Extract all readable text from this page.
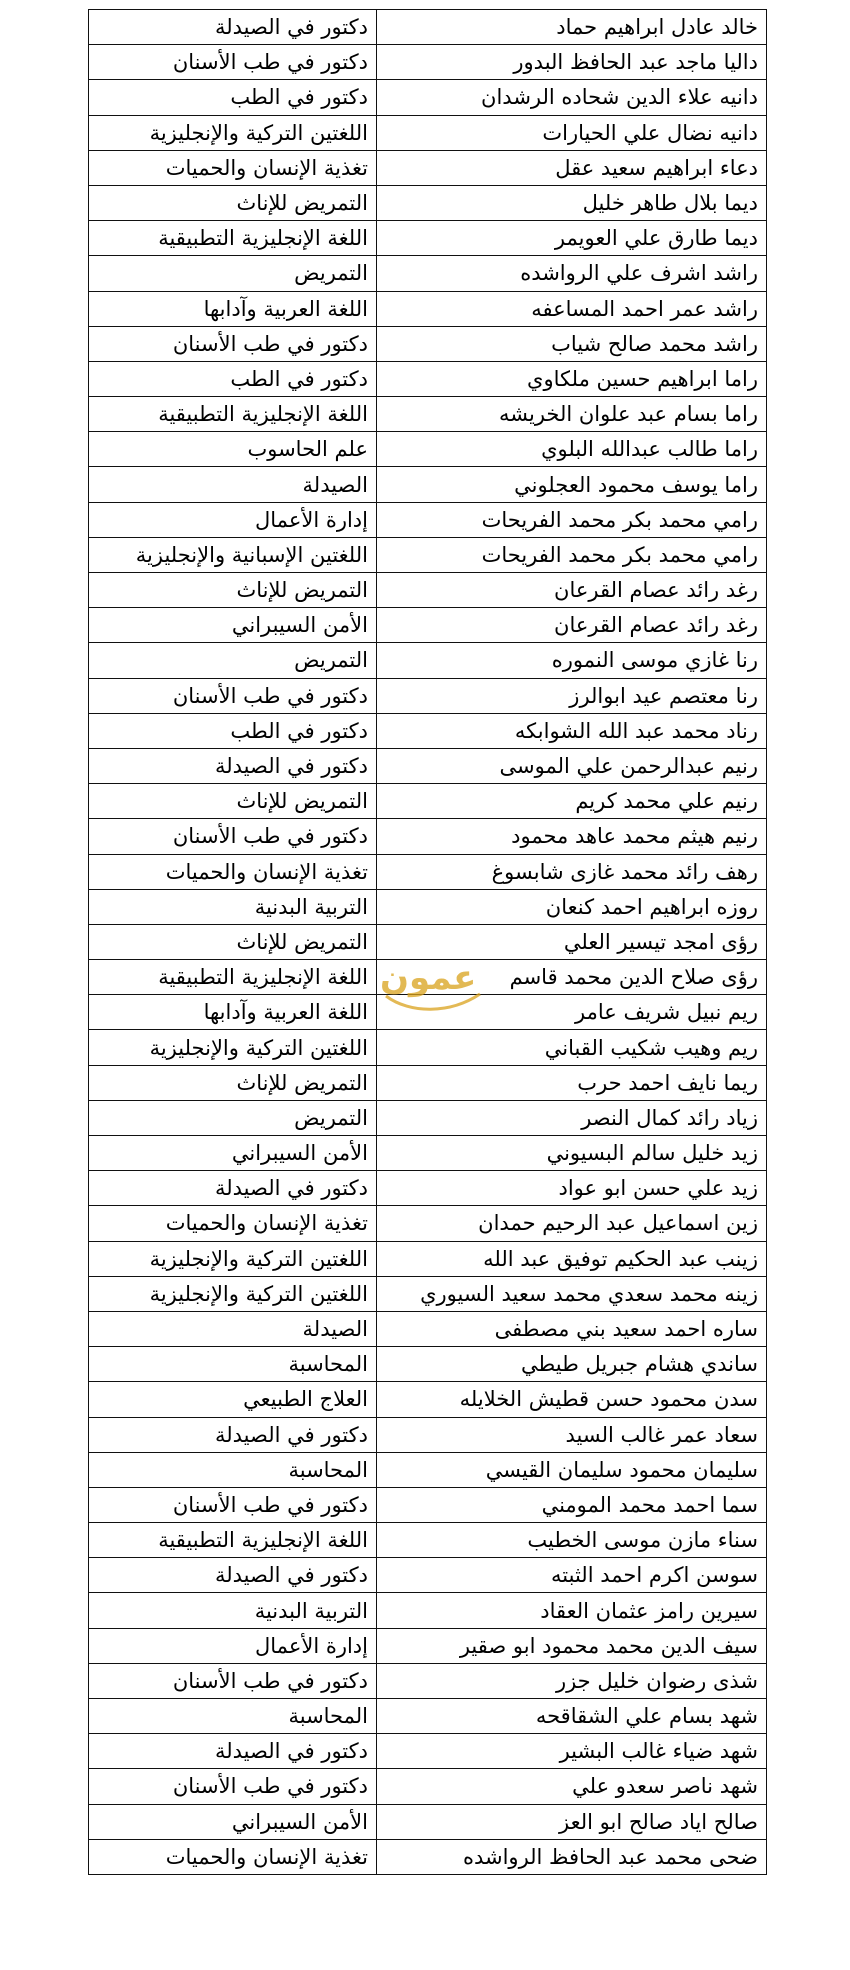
دكتور في الصيدلة	خالد عادل ابراهيم حماد
دكتور في طب الأسنان	داليا ماجد عبد الحافظ البدور
دكتور في الطب	دانيه علاء الدين شحاده الرشدان
اللغتين التركية والإنجليزية	دانيه نضال علي الحيارات
تغذية الإنسان والحميات	دعاء ابراهيم سعيد عقل
التمريض للإناث	ديما بلال طاهر خليل
اللغة الإنجليزية التطبيقية	ديما طارق علي العويمر
التمريض	راشد اشرف علي الرواشده
اللغة العربية وآدابها	راشد عمر احمد المساعفه
دكتور في طب الأسنان	راشد محمد صالح شياب
دكتور في الطب	راما ابراهيم حسين ملكاوي
اللغة الإنجليزية التطبيقية	راما بسام عبد علوان الخريشه
علم الحاسوب	راما طالب عبدالله البلوي
الصيدلة	راما يوسف محمود العجلوني
إدارة الأعمال	رامي محمد بكر محمد الفريحات
اللغتين الإسبانية والإنجليزية	رامي محمد بكر محمد الفريحات
التمريض للإناث	رغد رائد عصام القرعان
الأمن السيبراني	رغد رائد عصام القرعان
التمريض	رنا غازي موسى النموره
دكتور في طب الأسنان	رنا معتصم عيد ابوالرز
دكتور في الطب	رناد محمد عبد الله الشوابكه
دكتور في الصيدلة	رنيم عبدالرحمن علي الموسى
التمريض للإناث	رنيم علي محمد كريم
دكتور في طب الأسنان	رنيم هيثم محمد عاهد محمود
تغذية الإنسان والحميات	رهف رائد محمد غازى شابسوغ
التربية البدنية	روزه ابراهيم احمد كنعان
التمريض للإناث	رؤى امجد تيسير العلي
اللغة الإنجليزية التطبيقية	رؤى صلاح الدين محمد قاسم
اللغة العربية وآدابها	ريم نبيل شريف عامر
اللغتين التركية والإنجليزية	ريم وهيب شكيب القباني
التمريض للإناث	ريما نايف احمد حرب
التمريض	زياد رائد كمال النصر
الأمن السيبراني	زيد خليل سالم البسيوني
دكتور في الصيدلة	زيد علي حسن ابو عواد
تغذية الإنسان والحميات	زين اسماعيل عبد الرحيم حمدان
اللغتين التركية والإنجليزية	زينب عبد الحكيم توفيق عبد الله
اللغتين التركية والإنجليزية	زينه محمد سعدي محمد سعيد السيوري
الصيدلة	ساره احمد سعيد بني مصطفى
المحاسبة	ساندي هشام جبريل طيطي
العلاج الطبيعي	سدن محمود حسن قطيش الخلايله
دكتور في الصيدلة	سعاد عمر غالب السيد
المحاسبة	سليمان محمود سليمان القيسي
دكتور في طب الأسنان	سما احمد محمد المومني
اللغة الإنجليزية التطبيقية	سناء مازن موسى الخطيب
دكتور في الصيدلة	سوسن اكرم احمد الثبته
التربية البدنية	سيرين رامز عثمان العقاد
إدارة الأعمال	سيف الدين محمد محمود ابو صقير
دكتور في طب الأسنان	شذى رضوان خليل جزر
المحاسبة	شهد بسام علي الشقاقحه
دكتور في الصيدلة	شهد ضياء غالب البشير
دكتور في طب الأسنان	شهد ناصر سعدو علي
الأمن السيبراني	صالح اياد صالح ابو العز
تغذية الإنسان والحميات	ضحى محمد عبد الحافظ الرواشده
عمون
